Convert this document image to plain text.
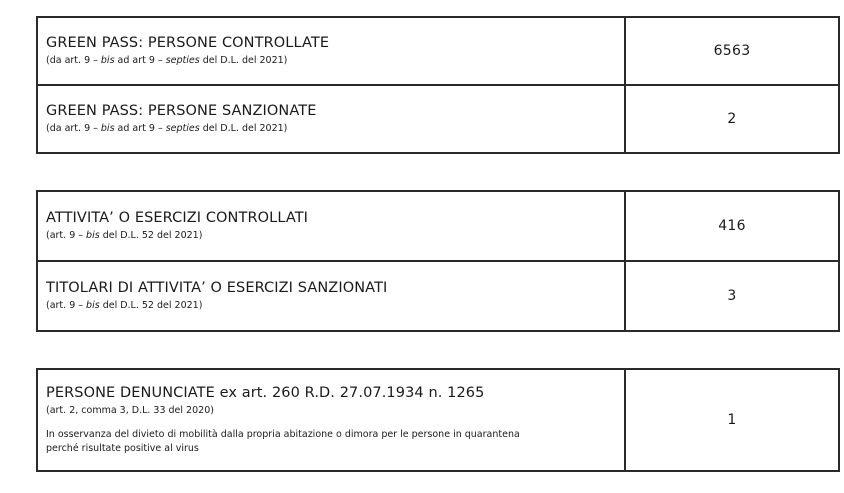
GREEN PASS: PERSONE CONTROLLATE
(da art. 9 – bis ad art 9 – septies del D.L. del 2021)	6563

GREEN PASS: PERSONE SANZIONATE
(da art. 9 – bis ad art 9 – septies del D.L. del 2021)	2
ATTIVITA’ O ESERCIZI CONTROLLATI
(art. 9 – bis del D.L. 52 del 2021)	416

TITOLARI DI ATTIVITA’ O ESERCIZI SANZIONATI
(art. 9 – bis del D.L. 52 del 2021)	3
PERSONE DENUNCIATE ex art. 260 R.D. 27.07.1934 n. 1265
(art. 2, comma 3, D.L. 33 del 2020)
In osservanza del divieto di mobilità dalla propria abitazione o dimora per le persone in quarantena
perché risultate positive al virus
	1
